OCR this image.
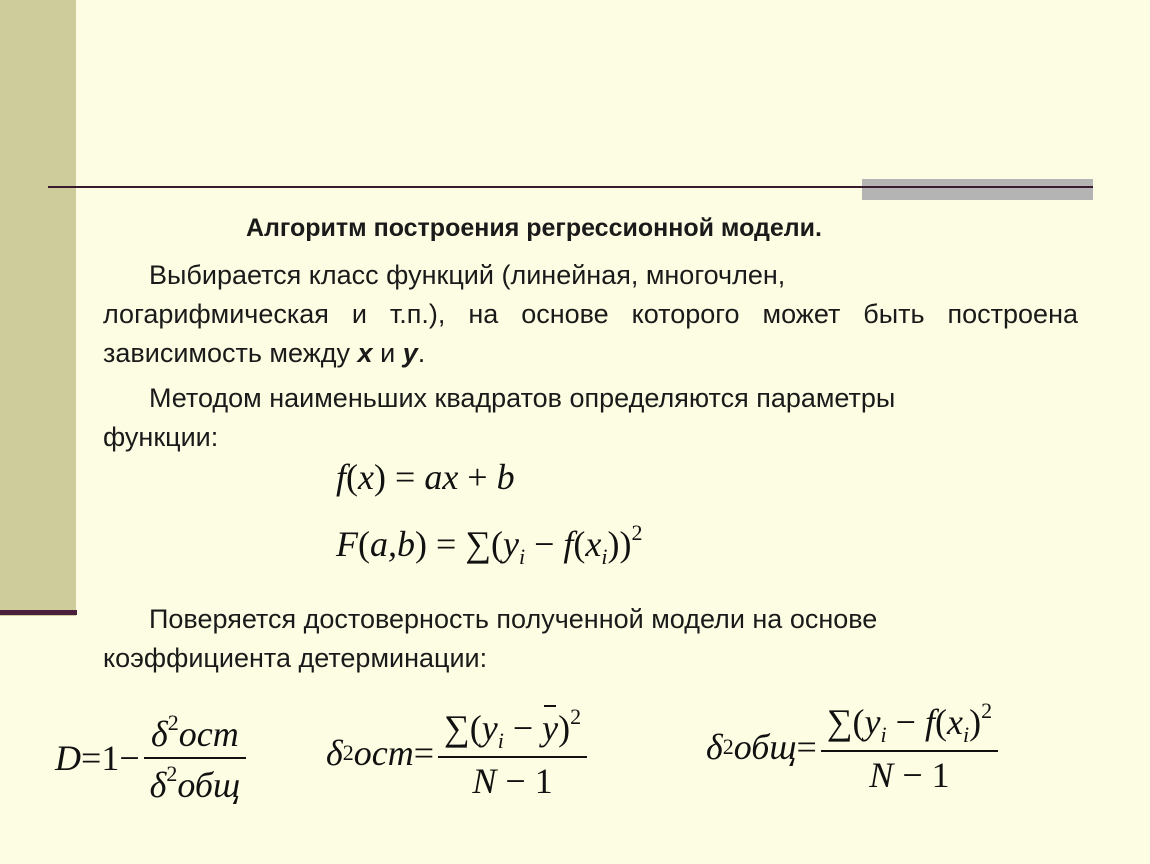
Алгоритм построения регрессионной модели.
Выбирается класс функций (линейная, многочлен,
логарифмическая и т.п.), на основе которого может быть построена зависимость между x и y.
Методом наименьших квадратов определяются параметры
функции:
f(x) = ax + b
$F(a,b) = \sum(y_i - f(x_i))^2$
Поверяется достоверность полученной модели на основе
коэффициента детерминации:
$D = 1 - \frac{\delta^2ост}{\delta^2общ}$ δ 2 ост = $\frac{\sum(y_i - y)^2}{N - 1}$	δ 2 общ = $\frac{\sum(y_i - f(x_i)^2}{N - 1}$
